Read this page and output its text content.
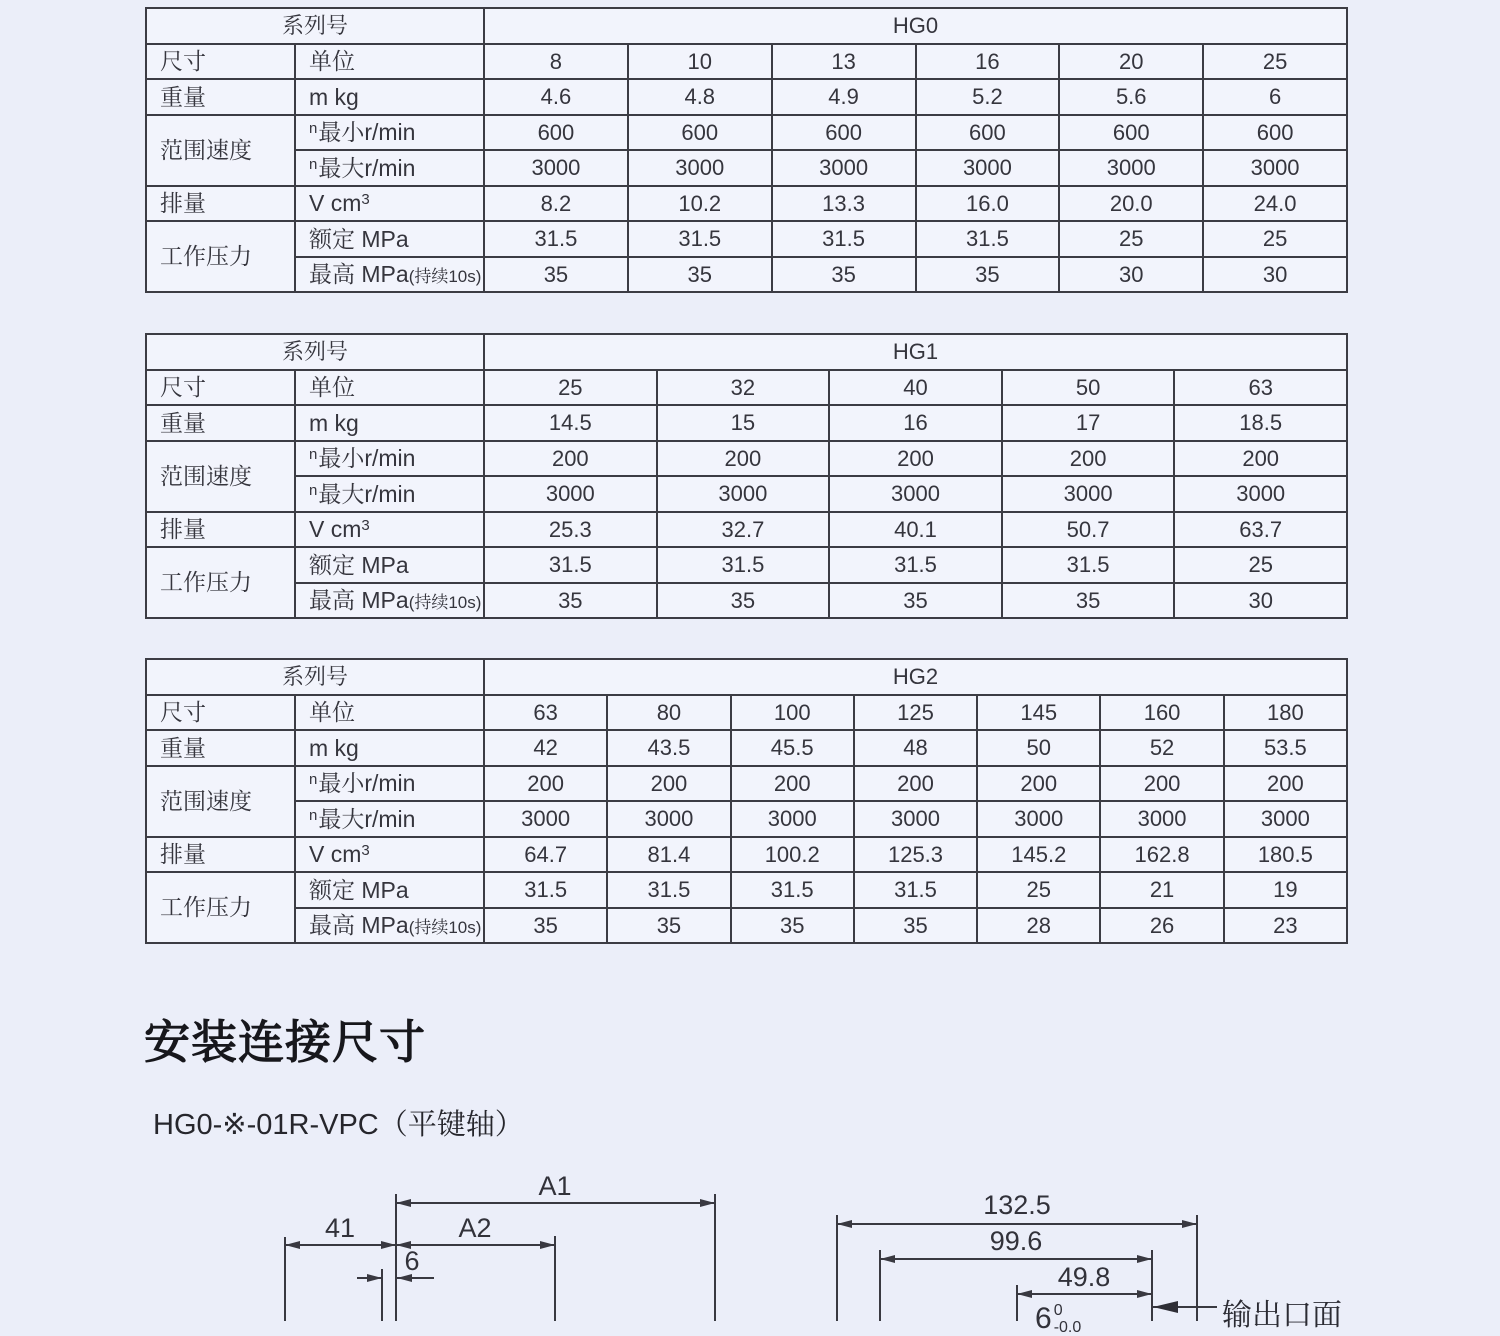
系列号		HG0					
尺寸	单位	8	10	13	16	20	25
重量	m kg	4.6	4.8	4.9	5.2	5.6	6
范围速度	$^n$最小r/min	600	600	600	600	600	600
	$^n$最大r/min	3000	3000	3000	3000	3000	3000
排量	V $cm^3$	8.2	10.2	13.3	16.0	20.0	24.0
工作压力	额定 MPa	31.5	31.5	31.5	31.5	25	25
	最高 MPa(持续10s)	35	35	35	35	30	30
系列号		HG1				
尺寸	单位	25	32	40	50	63
重量	m kg	14.5	15	16	17	18.5
范围速度	$^n$最小r/min	200	200	200	200	200
	$^n$最大r/min	3000	3000	3000	3000	3000
排量	V $cm^3$	25.3	32.7	40.1	50.7	63.7
工作压力	额定 MPa	31.5	31.5	31.5	31.5	25
	最高 MPa(持续10s)	35	35	35	35	30
系列号		HG2						
尺寸	单位	63	80	100	125	145	160	180
重量	m kg	42	43.5	45.5	48	50	52	53.5
范围速度	$^n$最小r/min	200	200	200	200	200	200	200
	$^n$最大r/min	3000	3000	3000	3000	3000	3000	3000
排量	V $cm^3$	64.7	81.4	100.2	125.3	145.2	162.8	180.5
工作压力	额定 MPa	31.5	31.5	31.5	31.5	25	21	19
	最高 MPa(持续10s)	35	35	35	35	28	26	23
安装连接尺寸
HG0-※-01R-VPC（平键轴）
A1
41	A2
6
132.5
99.6
49.8
输出口面
6 0
-0.0
